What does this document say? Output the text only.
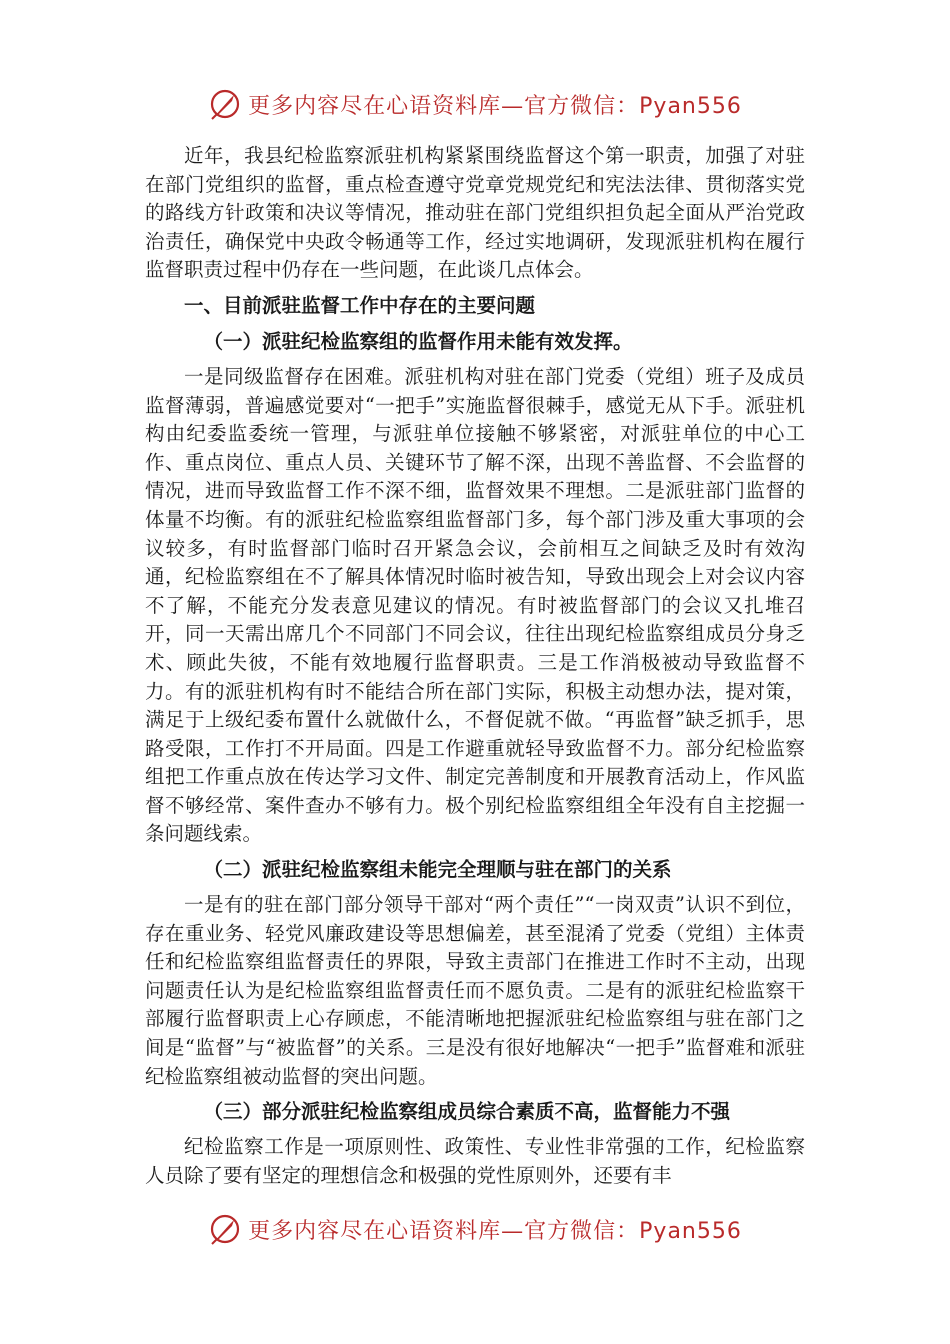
更多内容尽在心语资料库—官方微信：Pyan556

近年，我县纪检监察派驻机构紧紧围绕监督这个第一职责，加强了对驻在部门党组织的监督，重点检查遵守党章党规党纪和宪法法律、贯彻落实党的路线方针政策和决议等情况，推动驻在部门党组织担负起全面从严治党政治责任，确保党中央政令畅通等工作，经过实地调研，发现派驻机构在履行监督职责过程中仍存在一些问题，在此谈几点体会。

一、目前派驻监督工作中存在的主要问题
（一）派驻纪检监察组的监督作用未能有效发挥。

一是同级监督存在困难。派驻机构对驻在部门党委（党组）班子及成员监督薄弱，普遍感觉要对“一把手”实施监督很棘手，感觉无从下手。派驻机构由纪委监委统一管理，与派驻单位接触不够紧密，对派驻单位的中心工作、重点岗位、重点人员、关键环节了解不深，出现不善监督、不会监督的情况，进而导致监督工作不深不细，监督效果不理想。二是派驻部门监督的体量不均衡。有的派驻纪检监察组监督部门多，每个部门涉及重大事项的会议较多，有时监督部门临时召开紧急会议，会前相互之间缺乏及时有效沟通，纪检监察组在不了解具体情况时临时被告知，导致出现会上对会议内容不了解，不能充分发表意见建议的情况。有时被监督部门的会议又扎堆召开，同一天需出席几个不同部门不同会议，往往出现纪检监察组成员分身乏术、顾此失彼，不能有效地履行监督职责。三是工作消极被动导致监督不力。有的派驻机构有时不能结合所在部门实际，积极主动想办法，提对策，满足于上级纪委布置什么就做什么，不督促就不做。“再监督”缺乏抓手，思路受限，工作打不开局面。四是工作避重就轻导致监督不力。部分纪检监察组把工作重点放在传达学习文件、制定完善制度和开展教育活动上，作风监督不够经常、案件查办不够有力。极个别纪检监察组组全年没有自主挖掘一条问题线索。

（二）派驻纪检监察组未能完全理顺与驻在部门的关系

一是有的驻在部门部分领导干部对“两个责任”“一岗双责”认识不到位，存在重业务、轻党风廉政建设等思想偏差，甚至混淆了党委（党组）主体责任和纪检监察组监督责任的界限，导致主责部门在推进工作时不主动，出现问题责任认为是纪检监察组监督责任而不愿负责。二是有的派驻纪检监察干部履行监督职责上心存顾虑，不能清晰地把握派驻纪检监察组与驻在部门之间是“监督”与“被监督”的关系。三是没有很好地解决“一把手”监督难和派驻纪检监察组被动监督的突出问题。

（三）部分派驻纪检监察组成员综合素质不高，监督能力不强

纪检监察工作是一项原则性、政策性、专业性非常强的工作，纪检监察人员除了要有坚定的理想信念和极强的党性原则外，还要有丰

更多内容尽在心语资料库—官方微信：Pyan556
